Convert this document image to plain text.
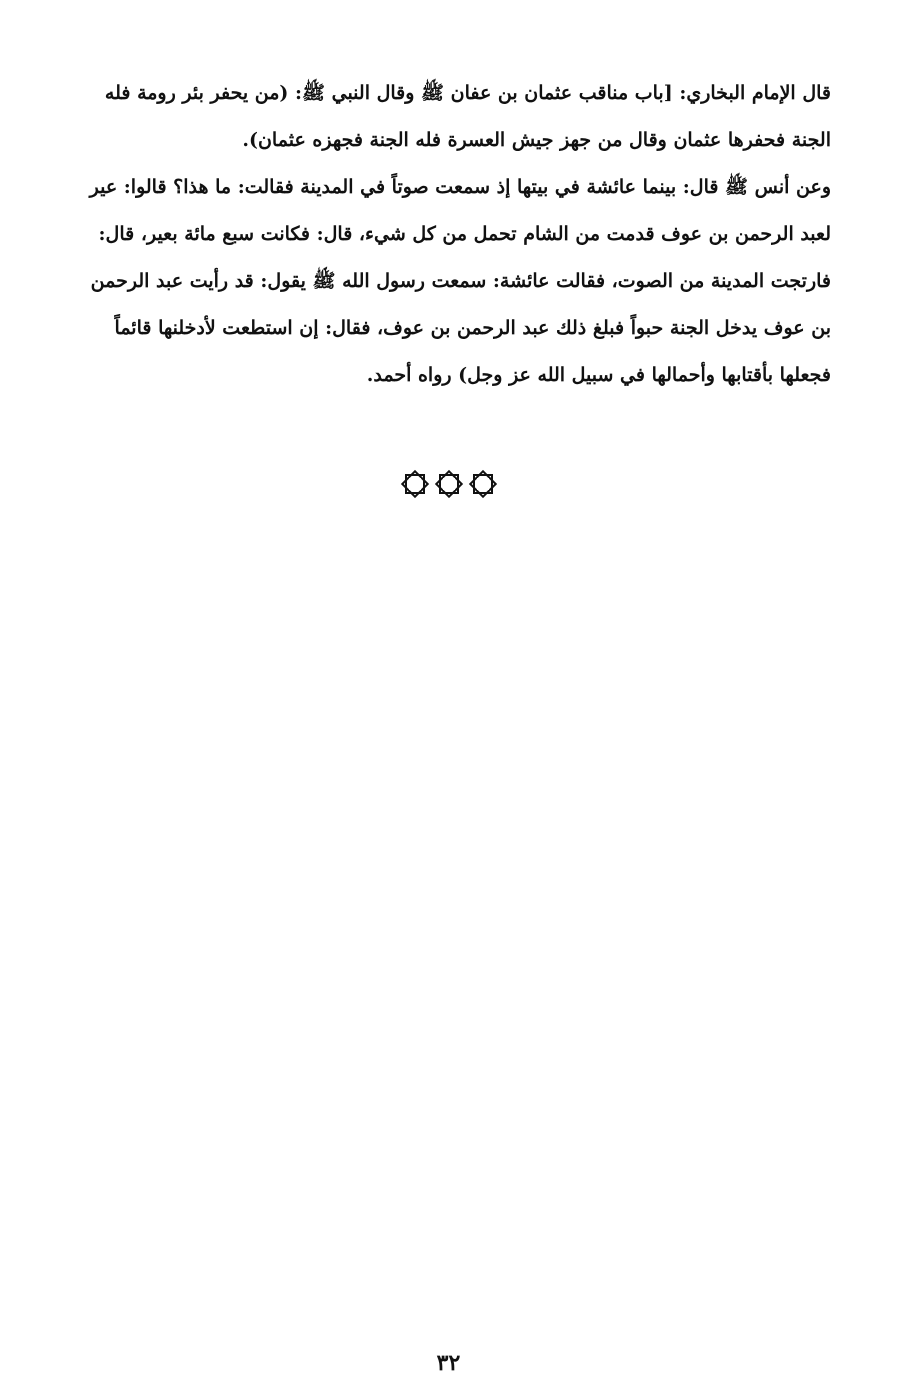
قال الإمام البخاري: [باب مناقب عثمان بن عفان ﷺ وقال النبي ﷺ: (من يحفر بئر رومة فله
الجنة فحفرها عثمان وقال من جهز جيش العسرة فله الجنة فجهزه عثمان).

وعن أنس ﷺ قال: بينما عائشة في بيتها إذ سمعت صوتاً في المدينة فقالت: ما هذا؟ قالوا: عير
لعبد الرحمن بن عوف قدمت من الشام تحمل من كل شيء، قال: فكانت سبع مائة بعير، قال:
فارتجت المدينة من الصوت، فقالت عائشة: سمعت رسول الله ﷺ يقول: قد رأيت عبد الرحمن
بن عوف يدخل الجنة حبواً فبلغ ذلك عبد الرحمن بن عوف، فقال: إن استطعت لأدخلنها قائماً
فجعلها بأقتابها وأحمالها في سبيل الله عز وجل) رواه أحمد.

٣٢
